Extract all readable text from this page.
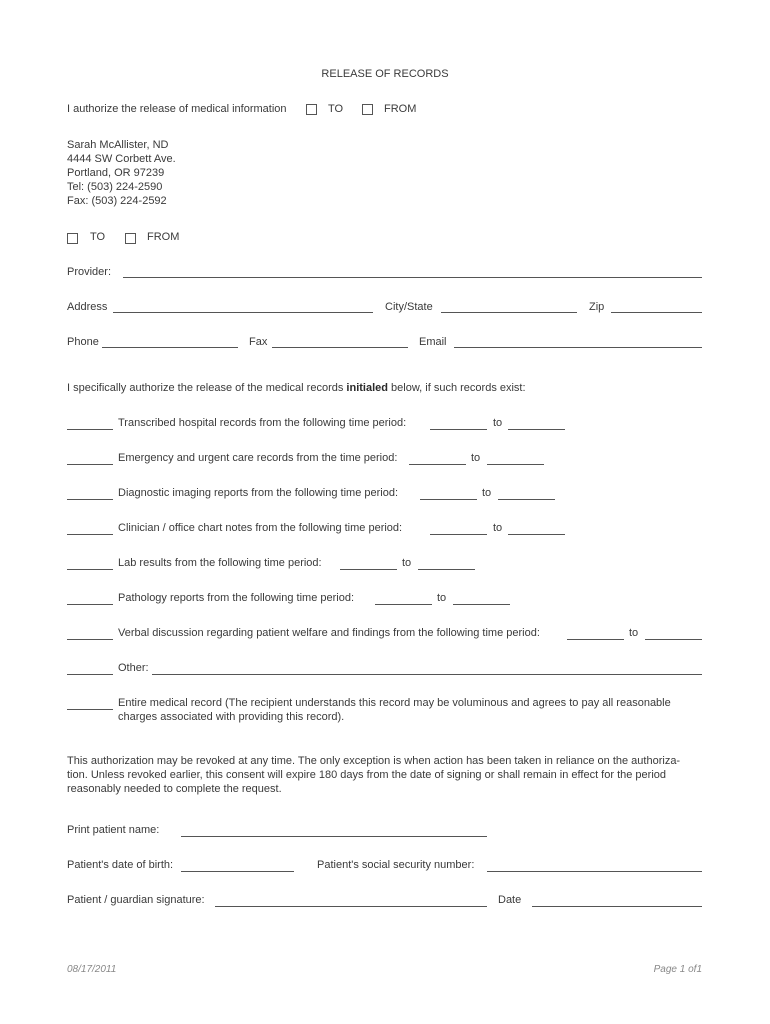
RELEASE OF RECORDS
I authorize the release of medical information	TO	FROM
Sarah McAllister, ND
4444 SW Corbett Ave.
Portland, OR 97239
Tel: (503) 224-2590
Fax: (503) 224-2592
TO	FROM
Provider:
Address	City/State	Zip
Phone	Fax	Email
I specifically authorize the release of the medical records initialed below, if such records exist:
Transcribed hospital records from the following time period:	to
Emergency and urgent care records from the time period:	to
Diagnostic imaging reports from the following time period:	to
Clinician / office chart notes from the following time period:	to
Lab results from the following time period:	to
Pathology reports from the following time period:	to
Verbal discussion regarding patient welfare and findings from the following time period:	to
Other:
Entire medical record (The recipient understands this record may be voluminous and agrees to pay all reasonable charges associated with providing this record).
This authorization may be revoked at any time. The only exception is when action has been taken in reliance on the authoriza- tion. Unless revoked earlier, this consent will expire 180 days from the date of signing or shall remain in effect for the period reasonably needed to complete the request.
Print patient name:
Patient's date of birth:	Patient's social security number:
Patient / guardian signature:	Date
08/17/2011	Page 1 of1
